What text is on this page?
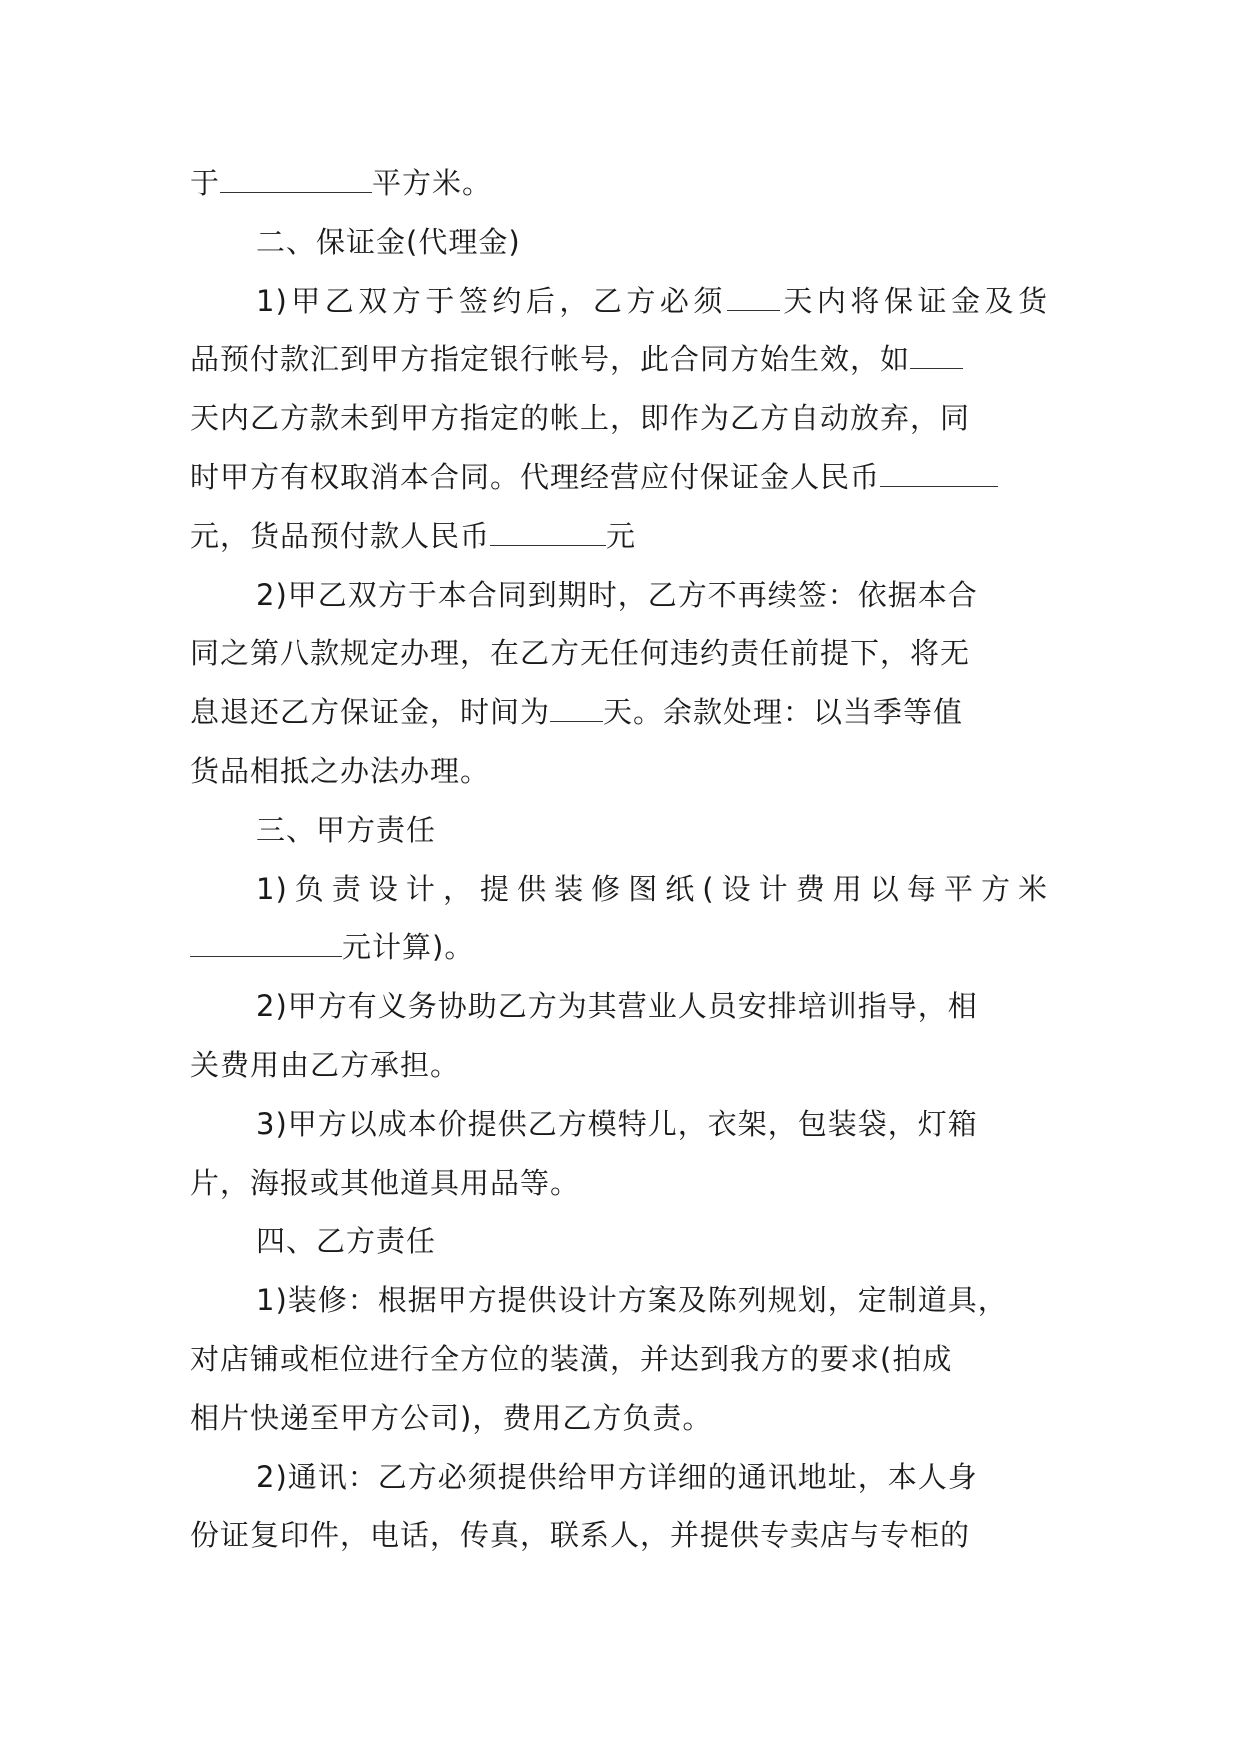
于	平方米。
二、保证金(代理金)
1)甲乙双方于签约后，乙方必须 天内将保证金及货
品预付款汇到甲方指定银行帐号，此合同方始生效，如
天内乙方款未到甲方指定的帐上，即作为乙方自动放弃，同
时甲方有权取消本合同。代理经营应付保证金人民币
元，货品预付款人民币	元
2)甲乙双方于本合同到期时，乙方不再续签：依据本合
同之第八款规定办理，在乙方无任何违约责任前提下，将无
息退还乙方保证金，时间为 天。余款处理：以当季等值
货品相抵之办法办理。
三、甲方责任
1)负责设计，提供装修图纸(设计费用以每平方米
元计算)。
2)甲方有义务协助乙方为其营业人员安排培训指导，相
关费用由乙方承担。
3)甲方以成本价提供乙方模特儿，衣架，包装袋，灯箱
片，海报或其他道具用品等。
四、乙方责任
1)装修：根据甲方提供设计方案及陈列规划，定制道具，
对店铺或柜位进行全方位的装潢，并达到我方的要求(拍成
相片快递至甲方公司)，费用乙方负责。
2)通讯：乙方必须提供给甲方详细的通讯地址，本人身
份证复印件，电话，传真，联系人，并提供专卖店与专柜的
